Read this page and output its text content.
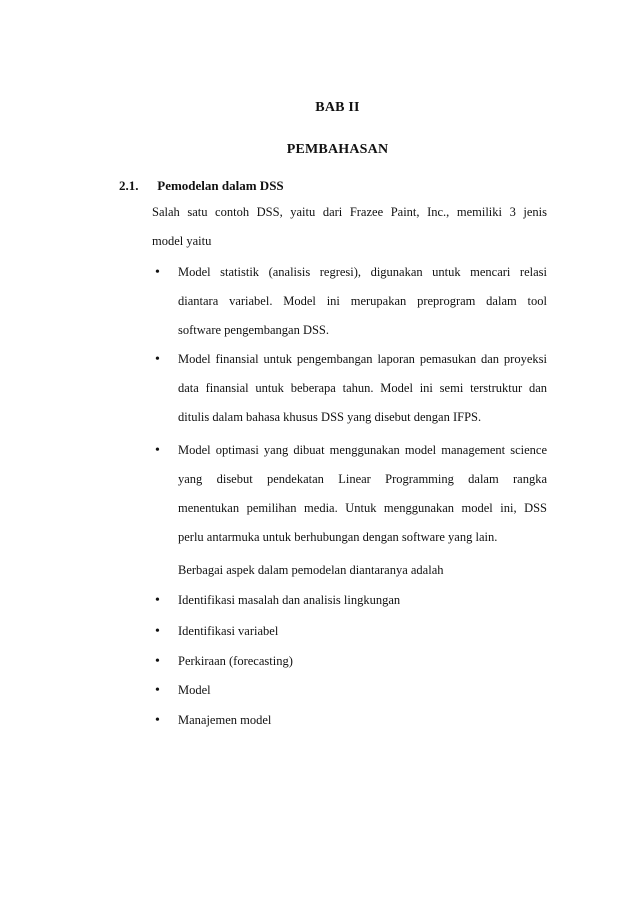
BAB II
PEMBAHASAN
2.1. Pemodelan dalam DSS
Salah satu contoh DSS, yaitu dari Frazee Paint, Inc., memiliki 3 jenis
model yaitu
• Model statistik (analisis regresi), digunakan untuk mencari relasi
diantara variabel. Model ini merupakan preprogram dalam tool
software pengembangan DSS.
• Model finansial untuk pengembangan laporan pemasukan dan proyeksi
data finansial untuk beberapa tahun. Model ini semi terstruktur dan
ditulis dalam bahasa khusus DSS yang disebut dengan IFPS.
• Model optimasi yang dibuat menggunakan model management science
yang disebut pendekatan Linear Programming dalam rangka
menentukan pemilihan media. Untuk menggunakan model ini, DSS
perlu antarmuka untuk berhubungan dengan software yang lain.
Berbagai aspek dalam pemodelan diantaranya adalah
• Identifikasi masalah dan analisis lingkungan
• Identifikasi variabel
• Perkiraan (forecasting)
• Model
• Manajemen model
